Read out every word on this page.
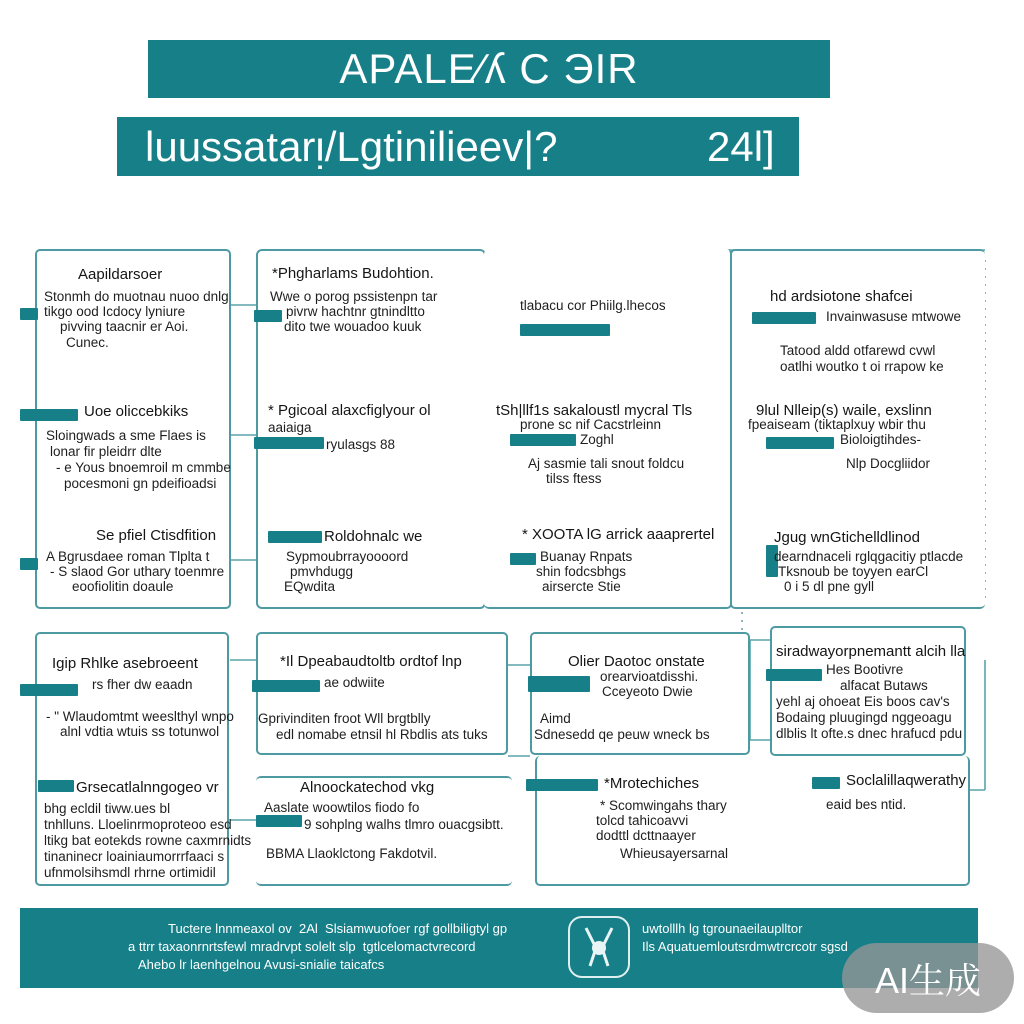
APALE⁄ʎ C ЭIR
luussatarᴉ/Lgtinilieev|?	24l]
Aapildarsoer
Stonmh do muotnau nuoo dnlg
tikgo ood Icdocy lyniure
pivving taacnir er Aoi.
Cunec.
*Phgharlams Budohtion.
Wwe o porog pssistenpn tar
pivrw hachtnr gtnindltto
dito twe wouadoo kuuk
tlabacu cor Phiilg.lhecos
hd ardsiotone shafcei
Invainwasuse mtwowe
Tatood aldd otfarewd cvwl
oatlhi woutko t oi rrapow ke
Uoe oliccebkiks
Sloingwads a sme Flaes is
lonar fir pleidrr dlte
- e Yous bnoemroil m cmmbe
pocesmoni gn pdeifioadsi
* Pgicoal alaxcfiglyour ol
aaiaiga
ryulasgs 88
tSh|llf1s sakaloustl mycral Tls
prone sc nif Cacstrleinn
Zoghl
Aj sasmie tali snout foldcu
tilss ftess
9lul Nlleip(s) waile, exslinn
fpeaiseam (tiktaplxuy wbir thu
Bioloigtihdes-
Nlp Docgliidor
Se pfiel Ctisdfition
A Bgrusdaee roman Tlplta t
- S slaod Gor uthary toenmre
eoofiolitin doaule
Roldohnalc we
Sypmoubrrayoooord
pmvhdugg
EQwdita
* XOOTA lG arrick aaaprertel
Buanay Rnpats
shin fodcsbhgs
airsercte Stie
Jgug wnGtichelldlinod
dearndnaceli rglqgacitiy ptlacde
Tksnoub be toyyen earCl
0 i 5 dl pne gyll
Igip Rhlke asebroeent
rs fher dw eaadn
- " Wlaudomtmt weeslthyl wnpo
alnl vdtia wtuis ss totunwol
*Il Dpeabaudtoltb ordtof lnp
ae odwiite
Gprivinditen froot Wll brgtblly
edl nomabe etnsil hl Rbdlis ats tuks
Olier Daotoc onstate
orearvioatdisshi.
Cceyeoto Dwie
Aimd
Sdnesedd qe peuw wneck bs
siradwayorpnemantt alcih lla
Hes Bootivre
alfacat Butaws
yehl aj ohoeat Eis boos cav's
Bodaing pluugingd nggeoagu
dlblis lt ofte.s dnec hrafucd pdu
Grsecatlalnngogeo vr
bhg ecldil tiww.ues bl
tnhlluns. Lloelinrmoproteoo esd
ltikg bat eotekds rowne caxmrnidts
tinaninecr loainiaumorrrfaaci s
ufnmolsihsmdl rhrne ortimidil
Alnoockatechod vkg
Aaslate woowtilos fiodo fo
9 sohplng walhs tlmro ouacgsibtt.
BBMA Llaoklctong Fakdotvil.
*Mrotechiches
* Scomwingahs thary
tolcd tahicoavvi
dodttl dcttnaayer
Whieusayersarnal
Soclalillaqwerathy
eaid bes ntid.
Tuctere lnnmeaxol ov  2Al  Slsiamwuofoer rgf gollbiligtyl gp
a ttrr taxaonrnrtsfewl mradrvpt solelt slp  tgtlcelomactvrecord
Ahebo lr laenhgelnou Avusi-snialie taicafcs
uwtolllh lg tgrounaeilauplltor
Ils Aquatuemloutsrdmwtrcrcotr sgsd
AI生成
